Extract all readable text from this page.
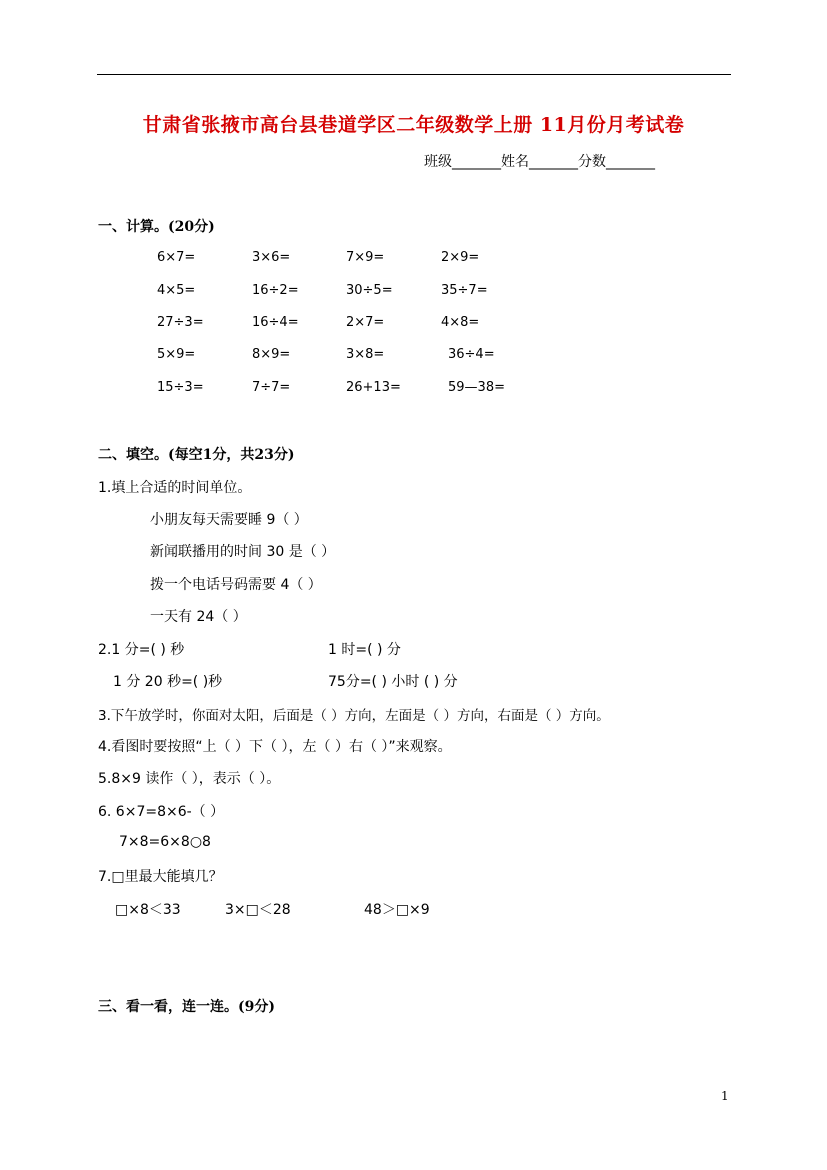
甘肃省张掖市高台县巷道学区二年级数学上册 11月份月考试卷
班级_______姓名_______分数_______
一、计算。(20分)
6×7=	3×6=	7×9=	2×9=
4×5=	16÷2=	30÷5=	35÷7=
27÷3=	16÷4=	2×7=	4×8=
5×9=	8×9=	3×8=	36÷4=
15÷3=	7÷7=	26+13=	59—38=
二、填空。(每空1分，共23分)
1.填上合适的时间单位。
小朋友每天需要睡 9（ ）
新闻联播用的时间 30 是（ ）
拨一个电话号码需要 4（ ）
一天有 24（ ）
2.1 分=( ) 秒	1 时=( ) 分
1 分 20 秒=( )秒	75分=( ) 小时 ( ) 分
3.下午放学时，你面对太阳，后面是（ ）方向，左面是（ ）方向，右面是（ ）方向。
4.看图时要按照“上（ ）下（ ），左（ ）右（ ）”来观察。
5.8×9 读作（ ），表示（ ）。
6. 6×7=8×6-（ ）
7×8=6×8○8
7.□里最大能填几？
□×8＜33	3×□＜28	48＞□×9
三、看一看，连一连。(9分)
1
